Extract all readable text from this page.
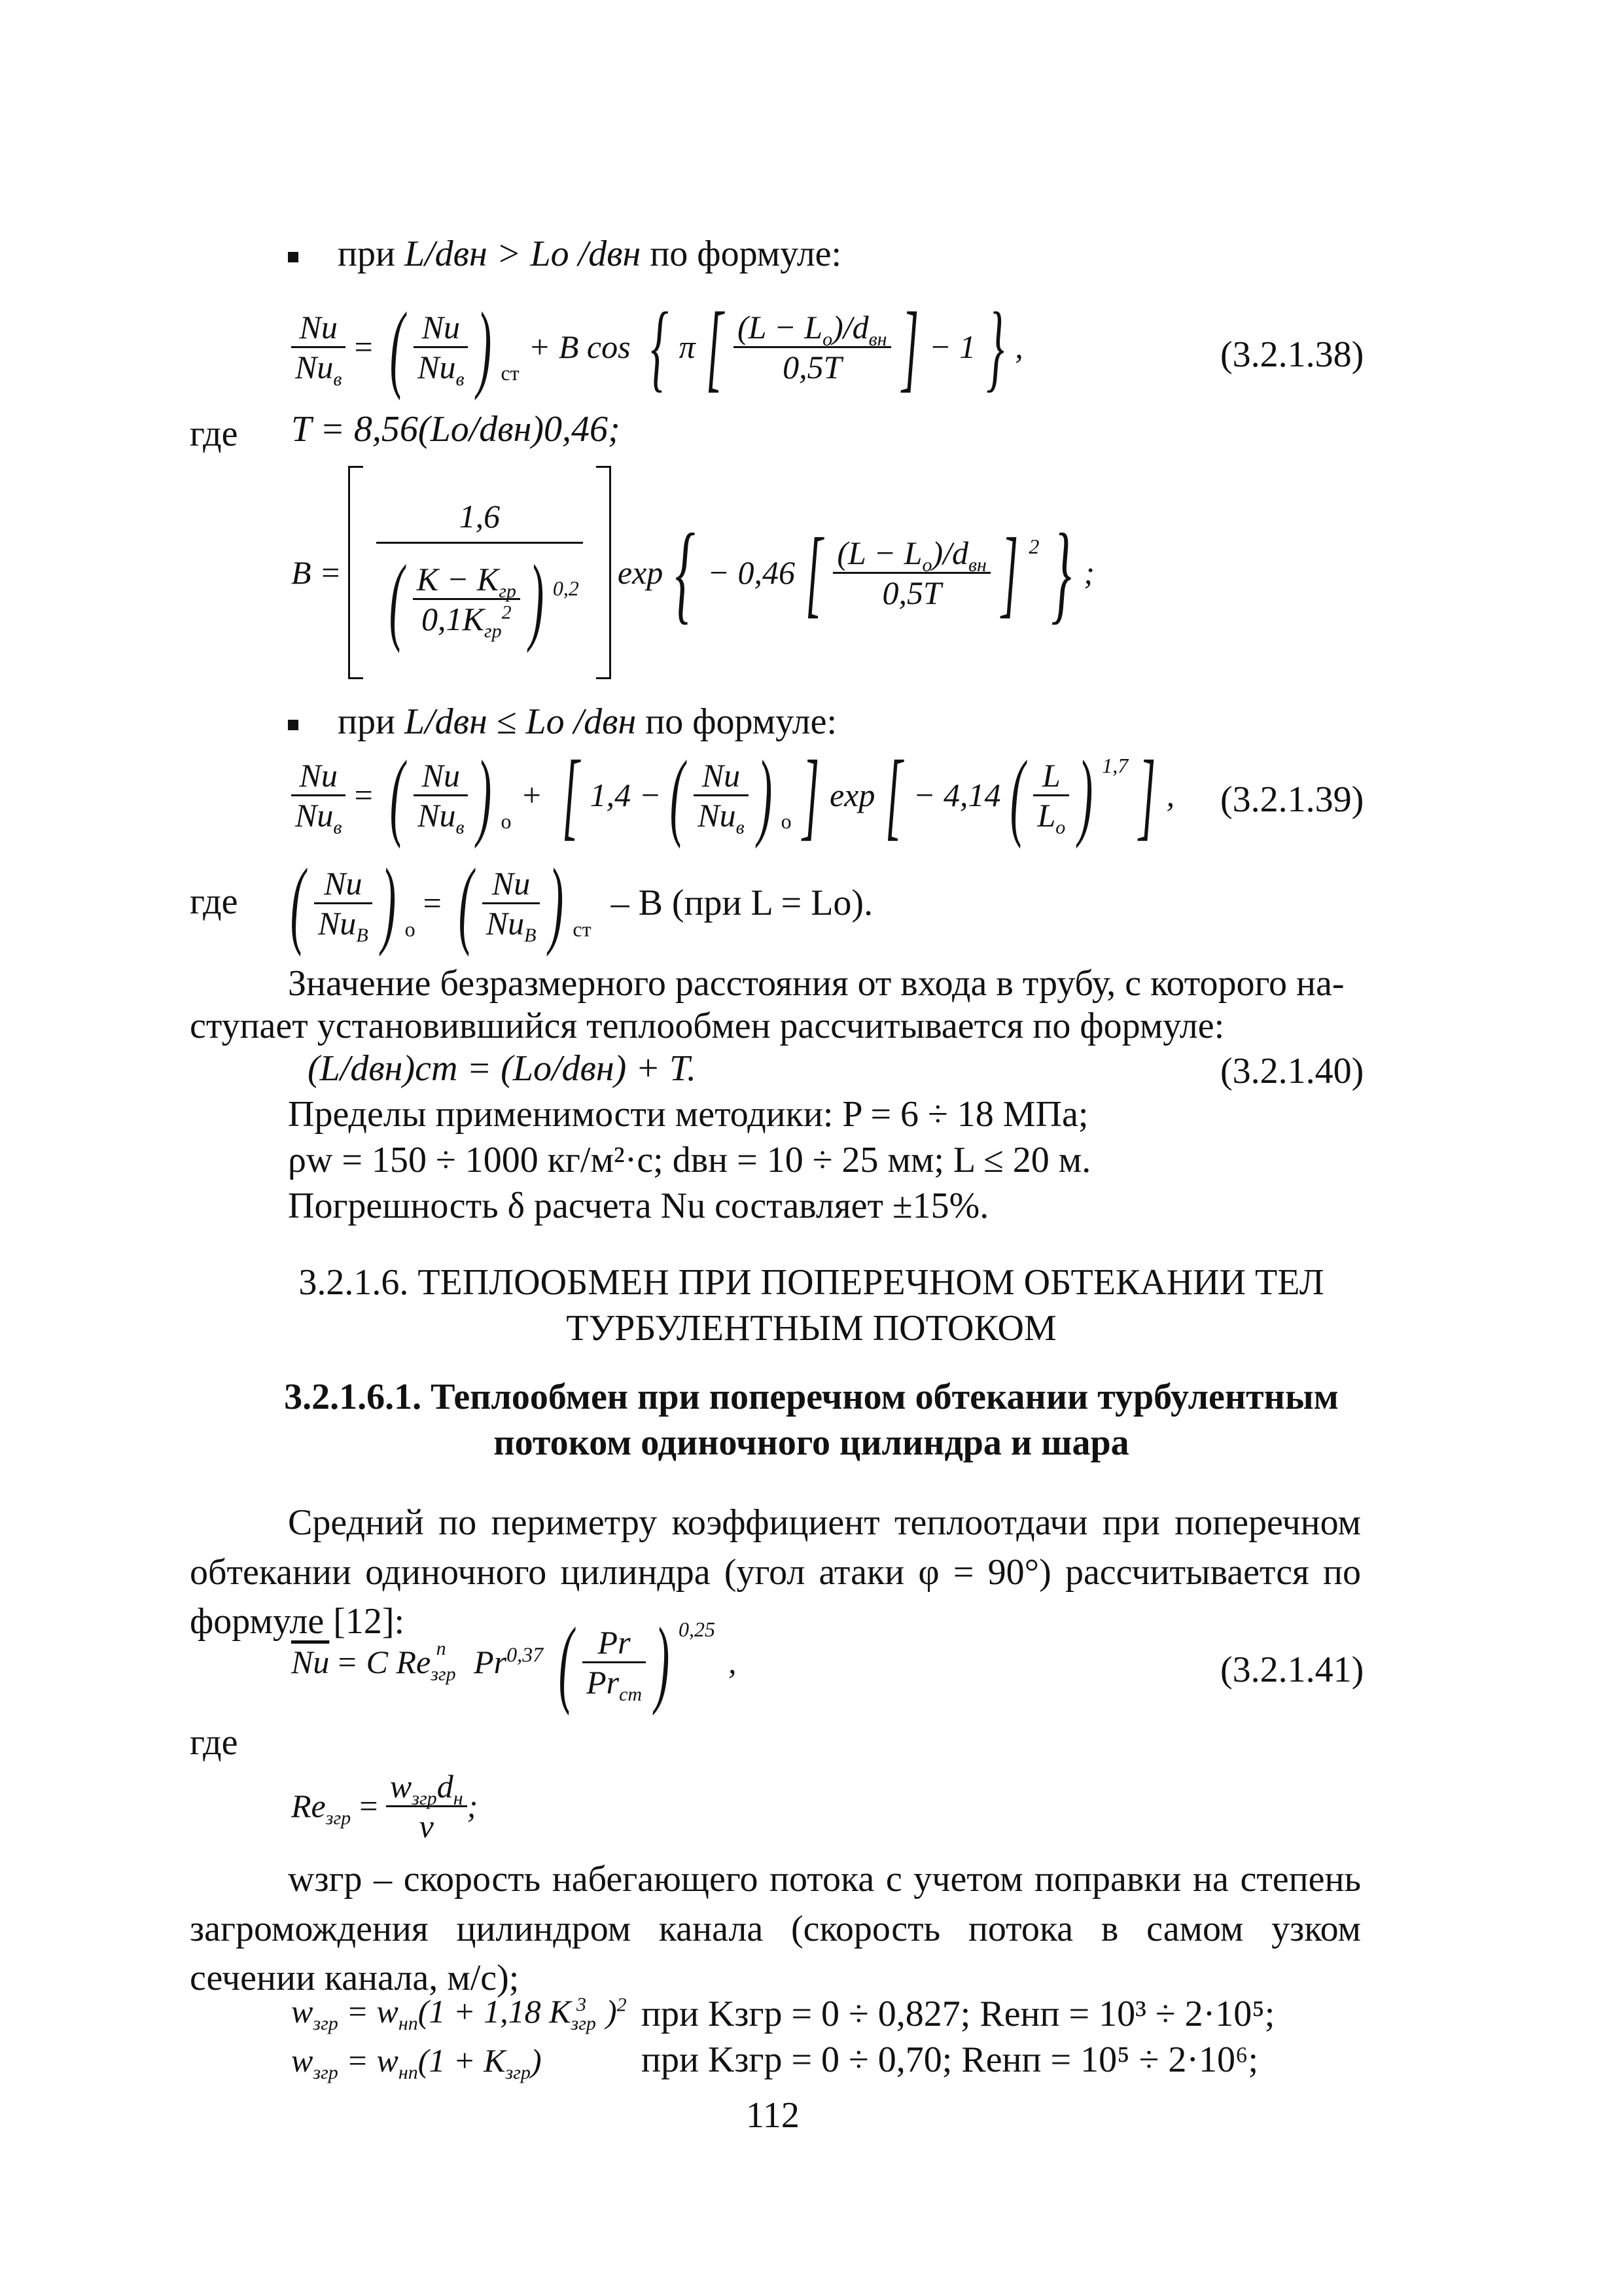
при L/dвн > Lо /dвн по формуле:
$\frac{Nu}{Nu_в}$ = ( $\frac{Nu}{Nu_в}$ ) $_{ст}$
+ B cos { π [ $\frac{(L - L_о)/d_{вн}}{0,5T}$ ] − 1 } ,	(3.2.1.38)
где T = 8,56(Lо/dвн)0,46;
$B = \frac{1,6}{( \frac{K - K_{гр}}{0,1K_{гр}^2} ) ^{0,2}}$ exp { − 0,46 [ $\frac{(L - L_о)/d_{вн}}{0,5T}$ ] $^2$ } ;
при L/dвн ≤ Lо /dвн по формуле:
$\frac{Nu}{Nu_в}$ = ( $\frac{Nu}{Nu_в}$ ) $_о$
+ [ 1,4 − ( $\frac{Nu}{Nu_в}$ ) $_о$ ] exp [ − 4,14 ( $\frac{L}{L_о}$ ) $^{1,7}$ ] , (3.2.1.39)
где ( $\frac{Nu}{Nu_B}$ ) $_о$
= ( $\frac{Nu}{Nu_B}$ ) $_{ст}$
– B (при L = Lо).
Значение безразмерного расстояния от входа в трубу, с которого на-
ступает установившийся теплообмен рассчитывается по формуле:
(L/dвн)ст = (Lо/dвн) + T.	(3.2.1.40)
Пределы применимости методики: P = 6 ÷ 18 МПа;
ρw = 150 ÷ 1000 кг/м²·с; dвн = 10 ÷ 25 мм; L ≤ 20 м.
Погрешность δ расчета Nu составляет ±15%.
3.2.1.6. ТЕПЛООБМЕН ПРИ ПОПЕРЕЧНОМ ОБТЕКАНИИ ТЕЛ
ТУРБУЛЕНТНЫМ ПОТОКОМ
3.2.1.6.1. Теплообмен при поперечном обтекании турбулентным
потоком одиночного цилиндра и шара
Средний по периметру коэффициент теплоотдачи при поперечном обтекании одиночного цилиндра (угол атаки φ = 90°) рассчитывается по формуле [12]:
$\overline{Nu} = C$ $Re_{згр}^n$ Pr$^{0,37}$ ( $\frac{Pr}{Pr_{ст}}$ ) $^{0,25}$
,	(3.2.1.41)
где
$Re_{згр} = \frac{w_{згр}d_н}{\nu}$ ;
wзгр – скорость набегающего потока с учетом поправки на степень загромождения цилиндром канала (скорость потока в самом узком сечении канала, м/с);
$w_{згр} = w_{нп}(1 + 1,18$ $K_{згр}^3$ )$^2$ при Kзгр = 0 ÷ 0,827; Reнп = 10³ ÷ 2·10⁵;
$w_{згр} = w_{нп}(1 + K_{згр})$	при Kзгр = 0 ÷ 0,70; Reнп = 10⁵ ÷ 2·10⁶;
112
